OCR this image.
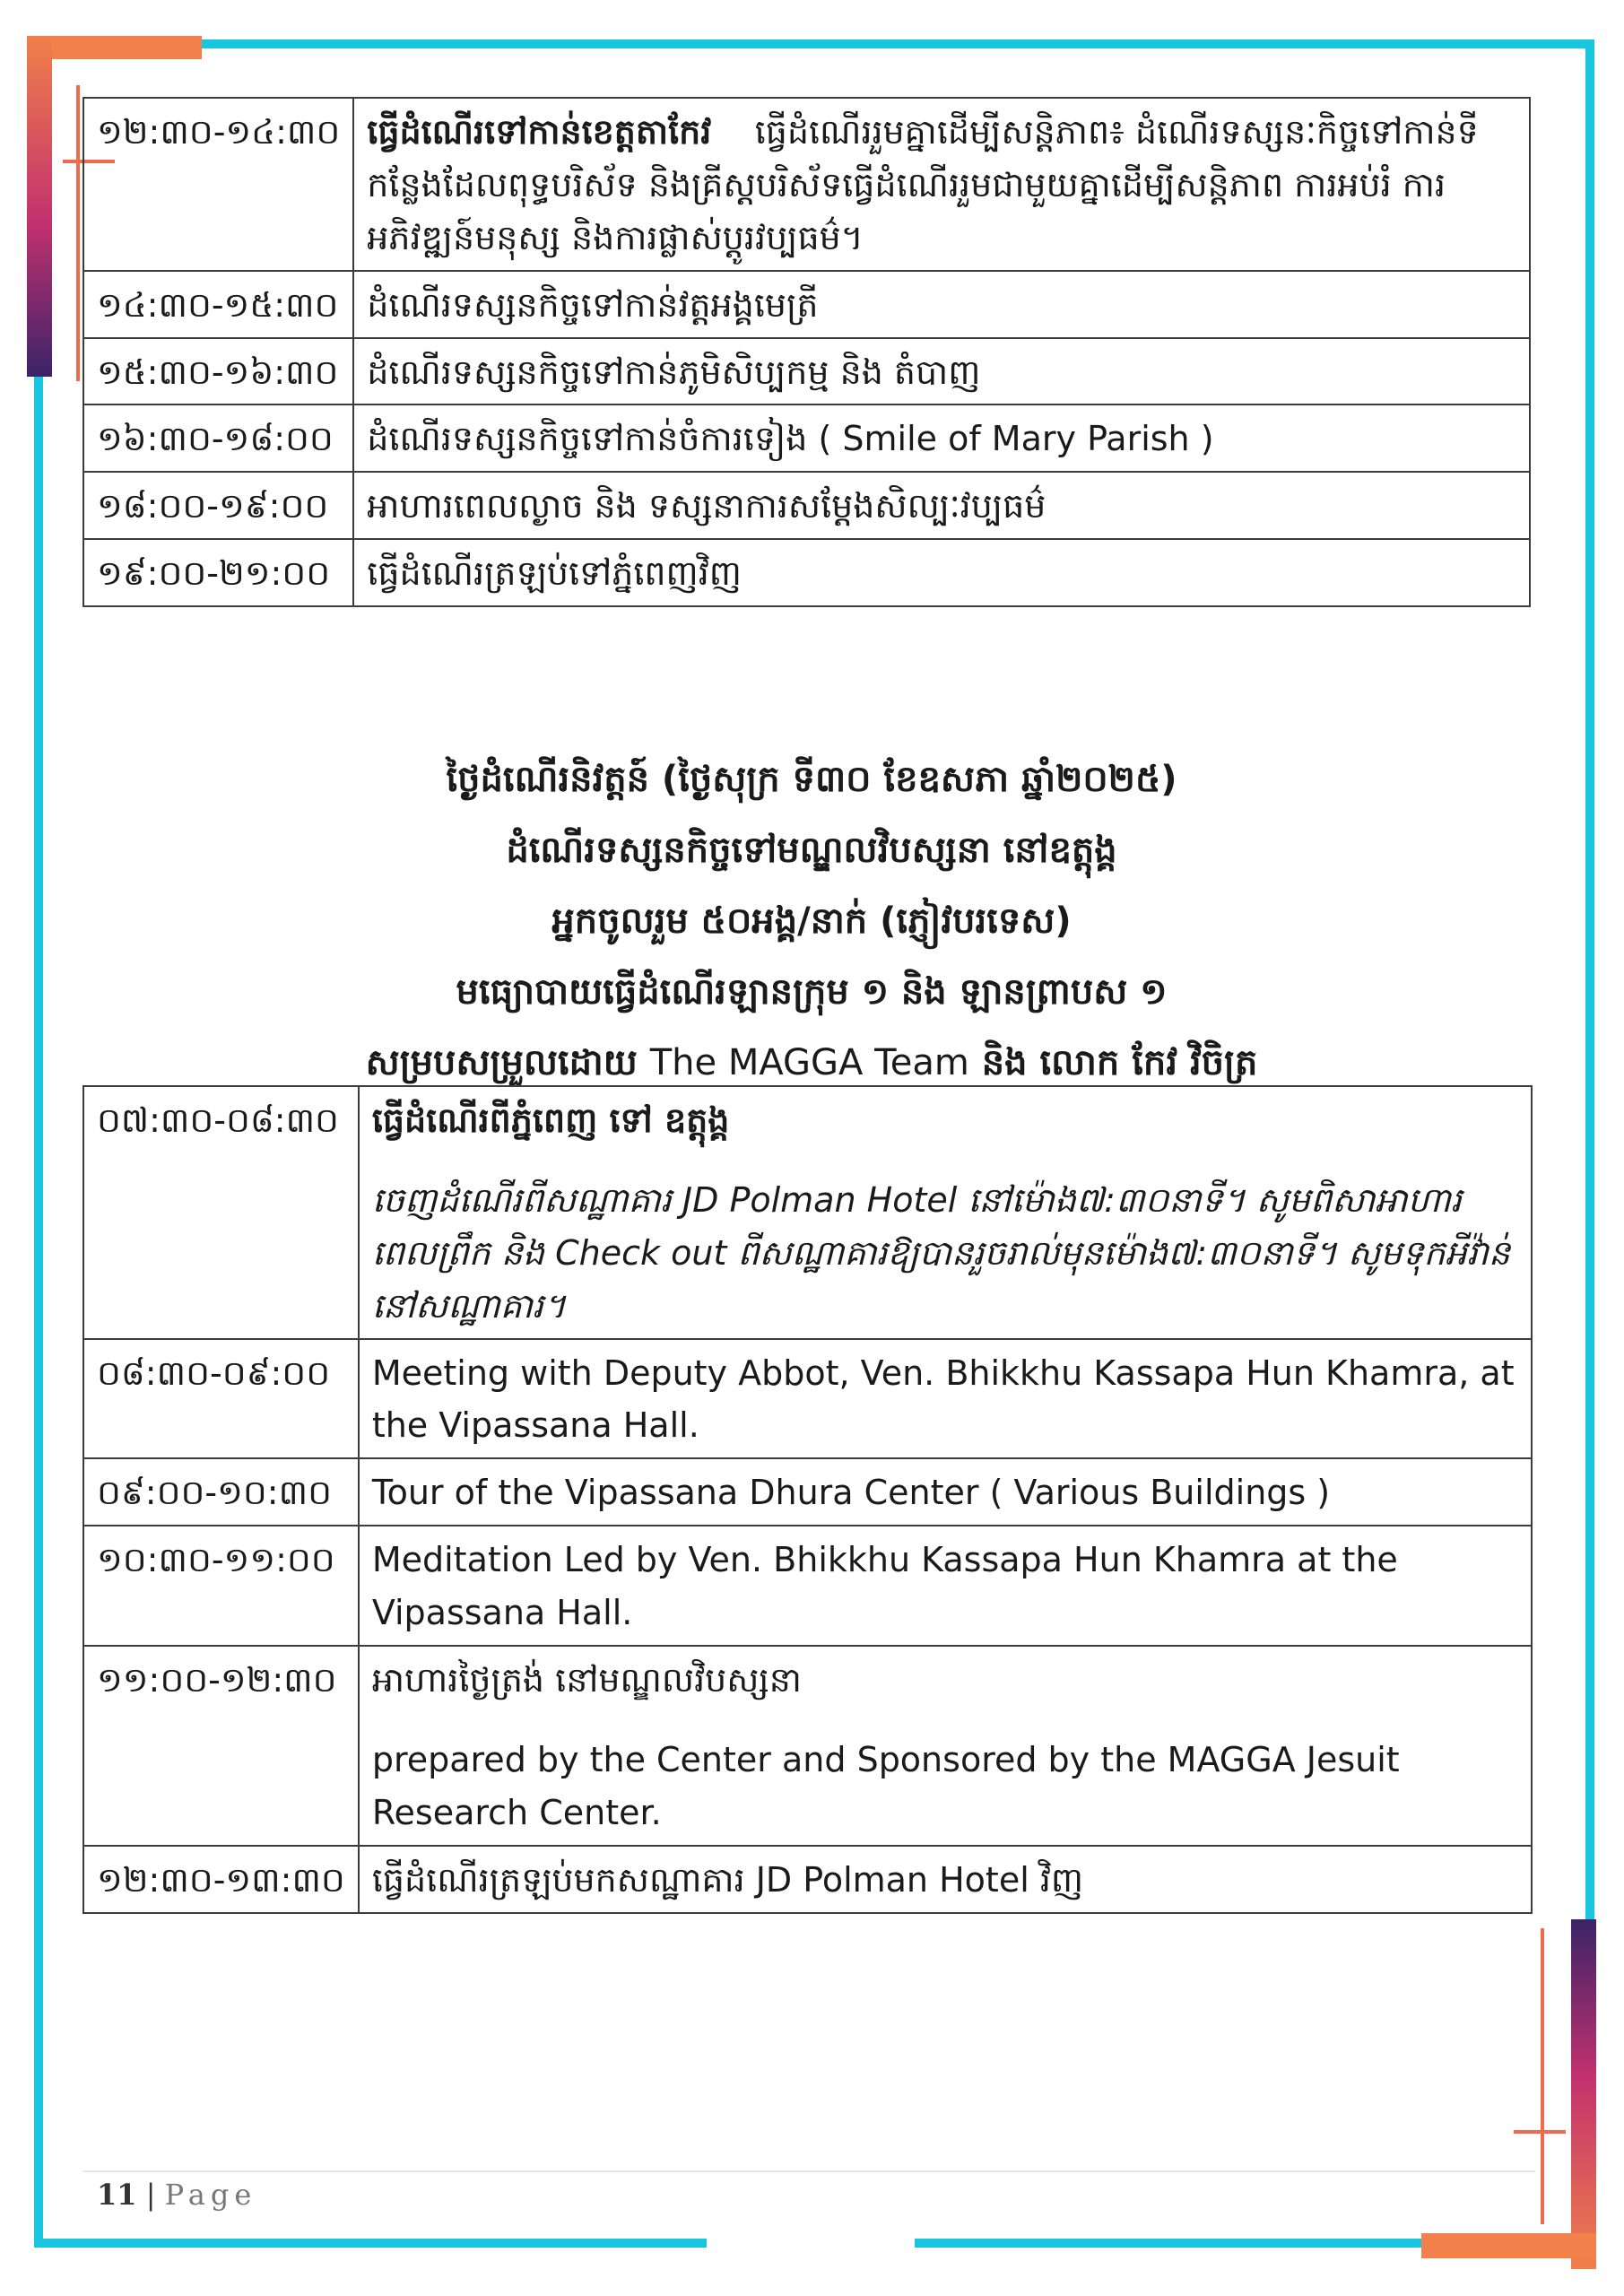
១២:៣០-១៤:៣០	ធ្វើដំណើរទៅកាន់ខេត្តតាកែវ ធ្វើដំណើររួមគ្នាដើម្បីសន្តិភាព៖ ដំណើរទស្សនៈកិច្ចទៅកាន់ទីកន្លែងដែលពុទ្ធបរិស័ទ និងគ្រីស្តបរិស័ទធ្វើដំណើររួមជាមួយគ្នាដើម្បីសន្តិភាព ការអប់រំ ការអភិវឌ្ឍន៍មនុស្ស និងការផ្លាស់ប្តូរវប្បធម៌។
១៤:៣០-១៥:៣០	ដំណើរទស្សនកិច្ចទៅកាន់វត្តអង្គមេត្រី
១៥:៣០-១៦:៣០	ដំណើរទស្សនកិច្ចទៅកាន់ភូមិសិប្បកម្ម និង តំបាញ
១៦:៣០-១៨:០០	ដំណើរទស្សនកិច្ចទៅកាន់ចំការទៀង ( Smile of Mary Parish )
១៨:០០-១៩:០០	អាហារពេលល្ងាច និង ទស្សនាការសម្តែងសិល្បៈវប្បធម៌
១៩:០០-២១:០០	ធ្វើដំណើរត្រឡប់ទៅភ្នំពេញវិញ
ថ្ងៃដំណើរនិវត្តន៍ (ថ្ងៃសុក្រ ទី៣០ ខែឧសភា ឆ្នាំ២០២៥)
ដំណើរទស្សនកិច្ចទៅមណ្ឌលវិបស្សនា នៅឧត្តុង្គ
អ្នកចូលរួម ៥០អង្គ/នាក់ (ភ្ញៀវបរទេស)
មធ្យោបាយធ្វើដំណើរឡានក្រុម ១ និង ឡានព្រាបស ១
សម្របសម្រួលដោយ The MAGGA Team និង លោក កែវ វិចិត្រ
០៧:៣០-០៨:៣០	ធ្វើដំណើរពីភ្នំពេញ ទៅ ឧត្តុង្គ
ចេញដំណើរពីសណ្ឋាគារ JD Polman Hotel នៅម៉ោង៧:៣០នាទី។ សូមពិសាអាហារពេលព្រឹក និង Check out ពីសណ្ឋាគារឱ្យបានរួចរាល់មុនម៉ោង៧:៣០នាទី។ សូមទុកអីវ៉ាន់នៅសណ្ឋាគារ។

០៨:៣០-០៩:០០	Meeting with Deputy Abbot, Ven. Bhikkhu Kassapa Hun Khamra, at the Vipassana Hall.
០៩:០០-១០:៣០	Tour of the Vipassana Dhura Center ( Various Buildings )
១០:៣០-១១:០០	Meditation Led by Ven. Bhikkhu Kassapa Hun Khamra at the Vipassana Hall.
១១:០០-១២:៣០	អាហារថ្ងៃត្រង់ នៅមណ្ឌលវិបស្សនា
prepared by the Center and Sponsored by the MAGGA Jesuit Research Center.

១២:៣០-១៣:៣០	ធ្វើដំណើរត្រឡប់មកសណ្ឋាគារ JD Polman Hotel វិញ
11 | Page
